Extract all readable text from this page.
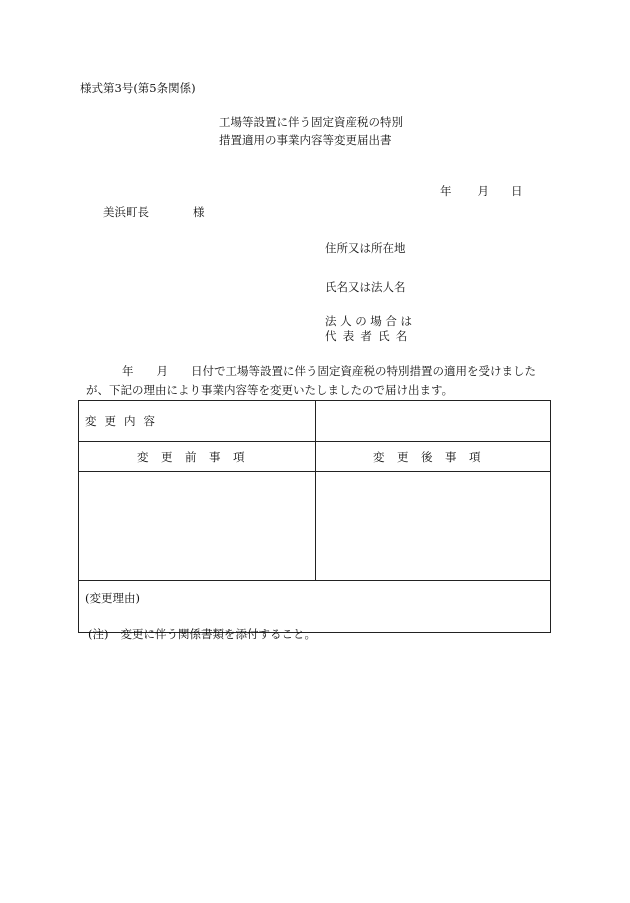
様式第3号(第5条関係)
工場等設置に伴う固定資産税の特別
措置適用の事業内容等変更届出書
年 月 日
美浜町長	様
住所又は所在地
氏名又は法人名
法人の場合は
代表者氏名
年　　月　　日付で工場等設置に伴う固定資産税の特別措置の適用を受けました
が、下記の理由により事業内容等を変更いたしましたので届け出ます。
変更内容	
変更前事項	変更後事項

(変更理由)	
(注) 変更に伴う関係書類を添付すること。
